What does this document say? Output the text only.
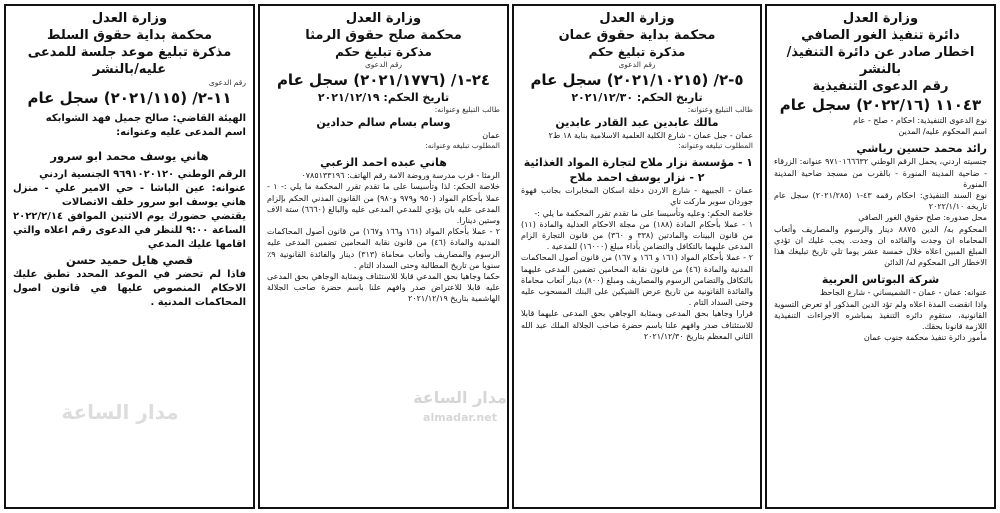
وزارة العدل
دائرة تنفيذ الغور الصافي
اخطار صادر عن دائرة التنفيذ/ بالنشر
رقم الدعوى التنفيذية
١١٠٤٣ (٢٠٢٢/١٦) سجل عام
نوع الدعوى التنفيذية: احكام - صلح - عام
اسم المحكوم عليه/ المدين
رائد محمد حسين رياشي
جنسيته اردني، يحمل الرقم الوطني ٩٧١٠١٦٦٦٣٢ عنوانه: الزرقاء - ضاحية المدينة المنورة - بالقرب من مسجد ضاحية المدينة المنورة
نوع السند التنفيذي: احكام رقمه ٤٣-١ (٢٠٢١/٢٨٥) سجل عام تاريخه ٢٠٢٢/١/١٠
محل صدوره: صلح حقوق الغور الصافي
المحكوم به/ الدين ٨٨٧٥ دينار والرسوم والمصاريف وأتعاب المحاماه ان وجدت والفائده ان وجدت. يجب عليك ان تؤدي المبلغ المبين اعلاه خلال خمسة عشر يوما تلي تاريخ تبليغك هذا الاخطار الى المحكوم له/ الدائن
شركة البوتاس العربية
عنوانه: عمان - عمان - الشميساني - شارع الجاحظ
واذا انقضت المدة اعلاه ولم تؤد الدين المذكور او تعرض التسوية القانونية، ستقوم دائره التنفيذ بمباشره الاجراءات التنفيذية اللازمة قانونا بحقك.
مأمور دائرة تنفيذ محكمة جنوب عمان
وزارة العدل
محكمة بداية حقوق عمان
مذكرة تبليغ حكم
رقم الدعوى
٥-٢/ (٢٠٢١/١٠٢١٥) سجل عام
تاريخ الحكم: ٢٠٢١/١٢/٣٠
طالب التبليغ وعنوانه:
مالك عابدين عبد القادر عابدين
عمان - جبل عمان - شارع الكلية العلمية الاسلامية بناية ١٨ ط٢
المطلوب تبليغه وعنوانه:
١ - مؤسسة نزار ملاح لتجارة المواد الغذائية
٢ - نزار يوسف احمد ملاح
عمان - الجبيهة - شارع الاردن دخلة اسكان المخابرات بجانب قهوة جوردان سوبر ماركت تاي
خلاصة الحكم: وعليه وتأسيسا على ما تقدم تقرر المحكمة ما يلي :-
١ - عملا بأحكام المادة (١٨٨) من مجلة الاحكام العدلية والمادة (١١) من قانون البينات والمادتين (٣٣٨ و ٣٦٠) من قانون التجارة الزام المدعى عليهما بالتكافل والتضامن بأداء مبلغ (١٦٠٠٠) للمدعية .
٢ - عملا بأحكام المواد (١٦١ و ١٦٦ و ١٦٧) من قانون أصول المحاكمات المدنية والمادة (٤٦) من قانون نقابة المحامين تضمين المدعى عليهما بالتكافل والتضامن الرسوم والمصاريف ومبلغ (٨٠٠) دينار أتعاب محاماة والفائدة القانونية من تاريخ عرض الشيكين على البنك المسحوب عليه وحتى السداد التام .
قرارا وجاهيا بحق المدعى وبمثابة الوجاهي بحق المدعى عليهما قابلا للاستئناف صدر وافهم علنا باسم حضرة صاحب الجلالة الملك عبد الله الثاني المعظم بتاريخ ٢٠٢١/١٢/٣٠
وزارة العدل
محكمة صلح حقوق الرمثا
مذكرة تبليغ حكم
رقم الدعوى
٢٤-١/ (٢٠٢١/١٧٧٦) سجل عام
تاريخ الحكم: ٢٠٢١/١٢/١٩
طالب التبليغ وعنوانه:
وسام بسام سالم حدادين
عمان
المطلوب تبليغه وعنوانه:
هاني عبده احمد الزعبي
الرمثا - قرب مدرسة وروضة الامة رقم الهاتف: ٠٧٨٥١٣٣١٩٦
خلاصة الحكم: لذا وتأسيسا على ما تقدم تقرر المحكمة ما يلي :- ١ - عملا بأحكام المواد (٩٥٠ و٩٧٩ و٩٨٠) من القانون المدني الحكم بإلزام المدعى عليه بان يؤدي للمدعي المدعى عليه والبالغ (٦٦٦٠) ستة الاف وستين دينارا.
٢ - عملا بأحكام المواد (١٦١ و١٦٦ و١٦٧) من قانون أصول المحاكمات المدنية والمادة (٤٦) من قانون نقابة المحامين تضمين المدعى عليه الرسوم والمصاريف وأتعاب محاماة (٣١٣) دينار والفائدة القانونية ٩٪ سنويا من تاريخ المطالبة وحتى السداد التام .
حكما وجاهيا بحق المدعي قابلا للاستئناف وبمثابة الوجاهي بحق المدعى عليه قابلا للاعتراض صدر وافهم علنا باسم حضرة صاحب الجلالة الهاشمية بتاريخ ٢٠٢١/١٢/١٩
وزارة العدل
محكمة بداية حقوق السلط
مذكرة تبليغ موعد جلسة للمدعى
عليه/بالنشر
رقم الدعوى
١١-٢/ (٢٠٢١/١١٥) سجل عام
الهيئة القاضي: صالح جميل فهد الشوابكه
اسم المدعى عليه وعنوانه:
هاني يوسف محمد ابو سرور
الرقم الوطني ٩٦٩١٠٢٠١٢٠ الجنسية اردني
عنوانه: عين الباشا - حي الامير علي - منزل هاني يوسف ابو سرور خلف الاتصالات
يقتضي حضورك يوم الاثنين الموافق ٢٠٢٢/٢/١٤ الساعة ٩:٠٠ للنظر في الدعوى رقم اعلاه والتي اقامها عليك المدعي
قصي هايل حميد حسن
فاذا لم تحضر في الموعد المحدد تطبق عليك الاحكام المنصوص عليها في قانون اصول المحاكمات المدنية .
مدار الساعة
almadar.net
مدار الساعة
